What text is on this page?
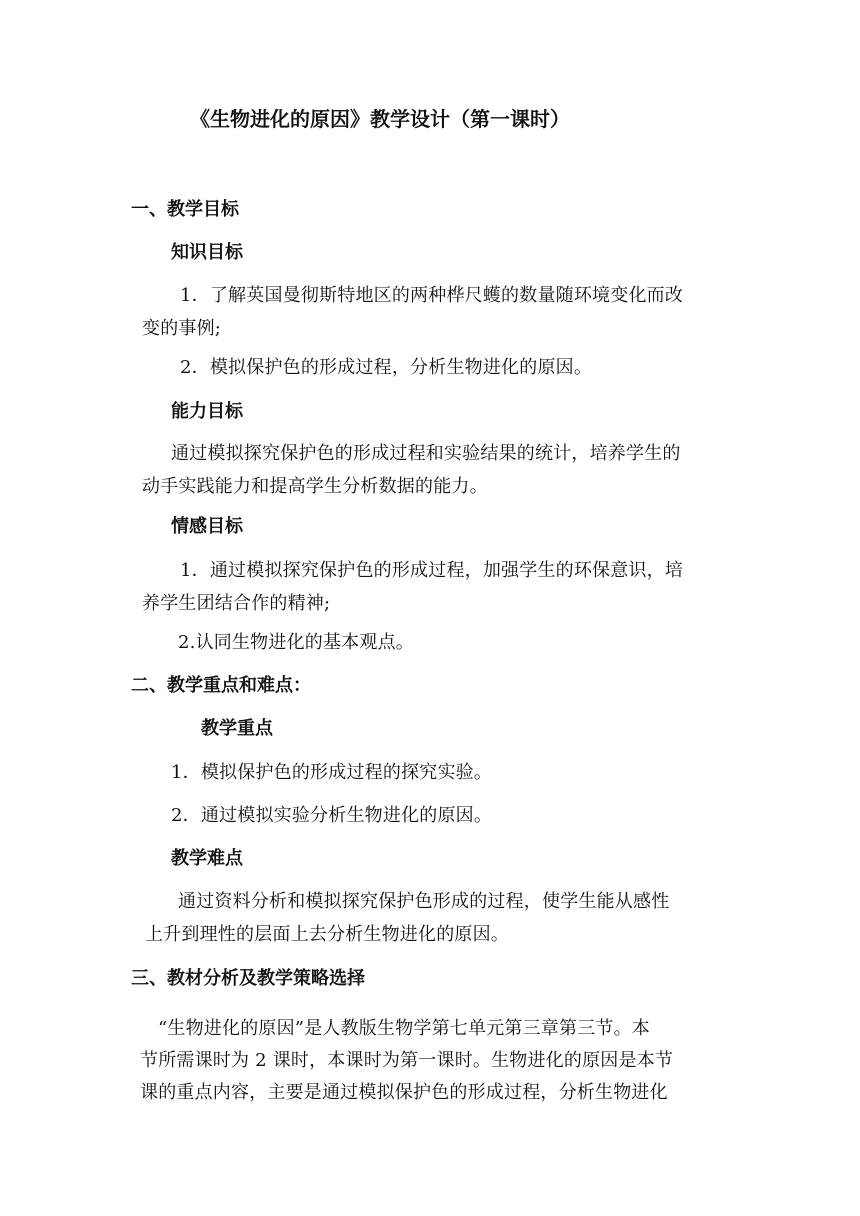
《生物进化的原因》教学设计（第一课时）
一、教学目标
知识目标
1．了解英国曼彻斯特地区的两种桦尺蠖的数量随环境变化而改
变的事例;
2．模拟保护色的形成过程，分析生物进化的原因。
能力目标
通过模拟探究保护色的形成过程和实验结果的统计，培养学生的
动手实践能力和提高学生分析数据的能力。
情感目标
1．通过模拟探究保护色的形成过程，加强学生的环保意识，培
养学生团结合作的精神;
2.认同生物进化的基本观点。
二、教学重点和难点：
教学重点
1．模拟保护色的形成过程的探究实验。
2．通过模拟实验分析生物进化的原因。
教学难点
通过资料分析和模拟探究保护色形成的过程，使学生能从感性
上升到理性的层面上去分析生物进化的原因。
三、教材分析及教学策略选择
“生物进化的原因”是人教版生物学第七单元第三章第三节。本
节所需课时为 2 课时，本课时为第一课时。生物进化的原因是本节
课的重点内容，主要是通过模拟保护色的形成过程，分析生物进化
